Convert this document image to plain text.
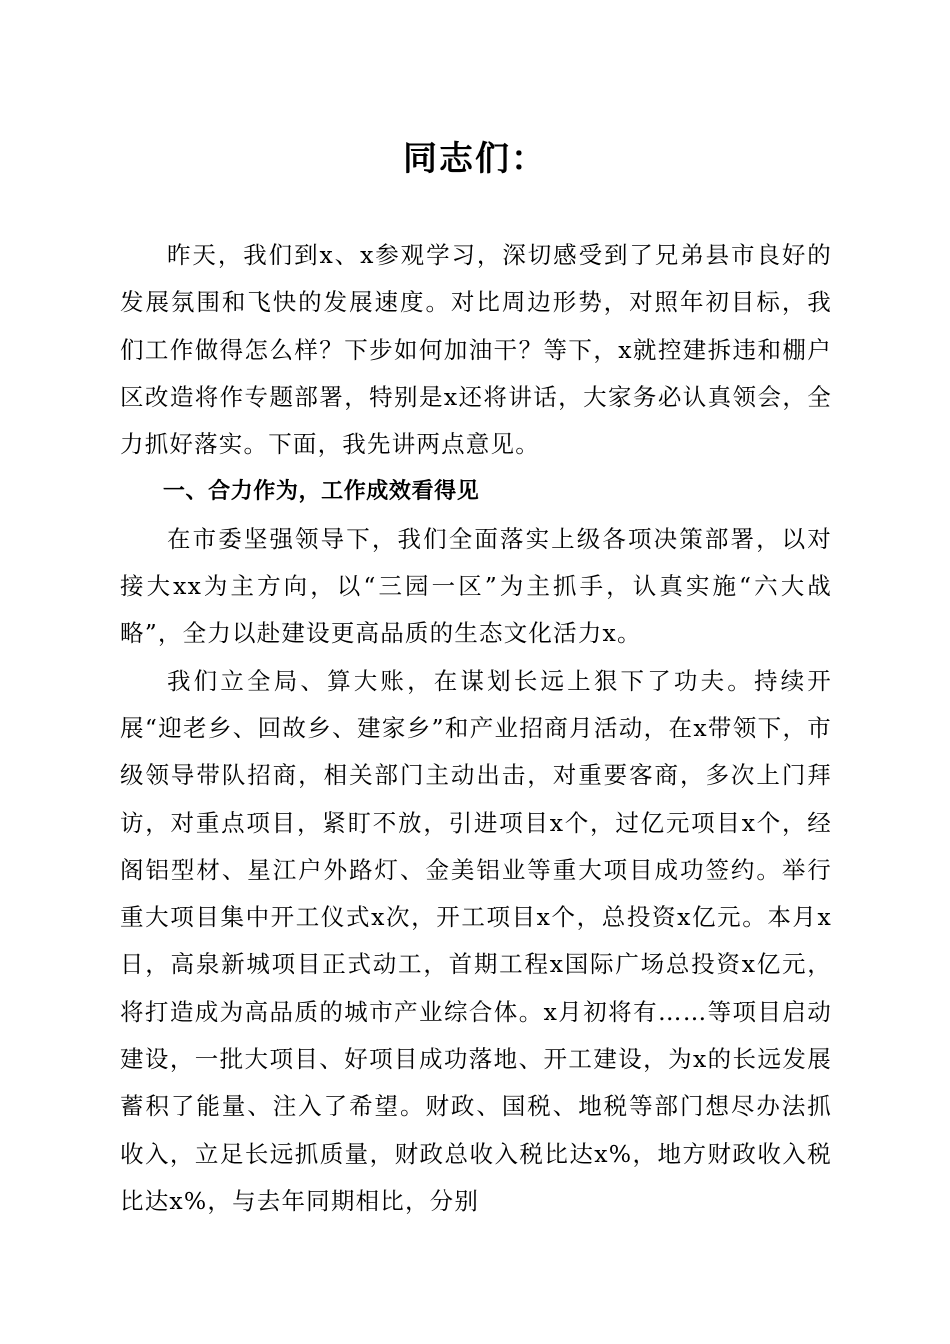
同志们：

昨天，我们到x、x参观学习，深切感受到了兄弟县市良好的发展氛围和飞快的发展速度。对比周边形势，对照年初目标，我们工作做得怎么样？下步如何加油干？等下，x就控建拆违和棚户区改造将作专题部署，特别是x还将讲话，大家务必认真领会，全力抓好落实。下面，我先讲两点意见。

一、合力作为，工作成效看得见

在市委坚强领导下，我们全面落实上级各项决策部署，以对接大xx为主方向，以“三园一区”为主抓手，认真实施“六大战略”，全力以赴建设更高品质的生态文化活力x。

我们立全局、算大账，在谋划长远上狠下了功夫。持续开展“迎老乡、回故乡、建家乡”和产业招商月活动，在x带领下，市级领导带队招商，相关部门主动出击，对重要客商，多次上门拜访，对重点项目，紧盯不放，引进项目x个，过亿元项目x个，经阁铝型材、星江户外路灯、金美铝业等重大项目成功签约。举行重大项目集中开工仪式x次，开工项目x个，总投资x亿元。本月x日，高泉新城项目正式动工，首期工程x国际广场总投资x亿元，将打造成为高品质的城市产业综合体。x月初将有……等项目启动建设，一批大项目、好项目成功落地、开工建设，为x的长远发展蓄积了能量、注入了希望。财政、国税、地税等部门想尽办法抓收入，立足长远抓质量，财政总收入税比达x%，地方财政收入税比达x%，与去年同期相比，分别
